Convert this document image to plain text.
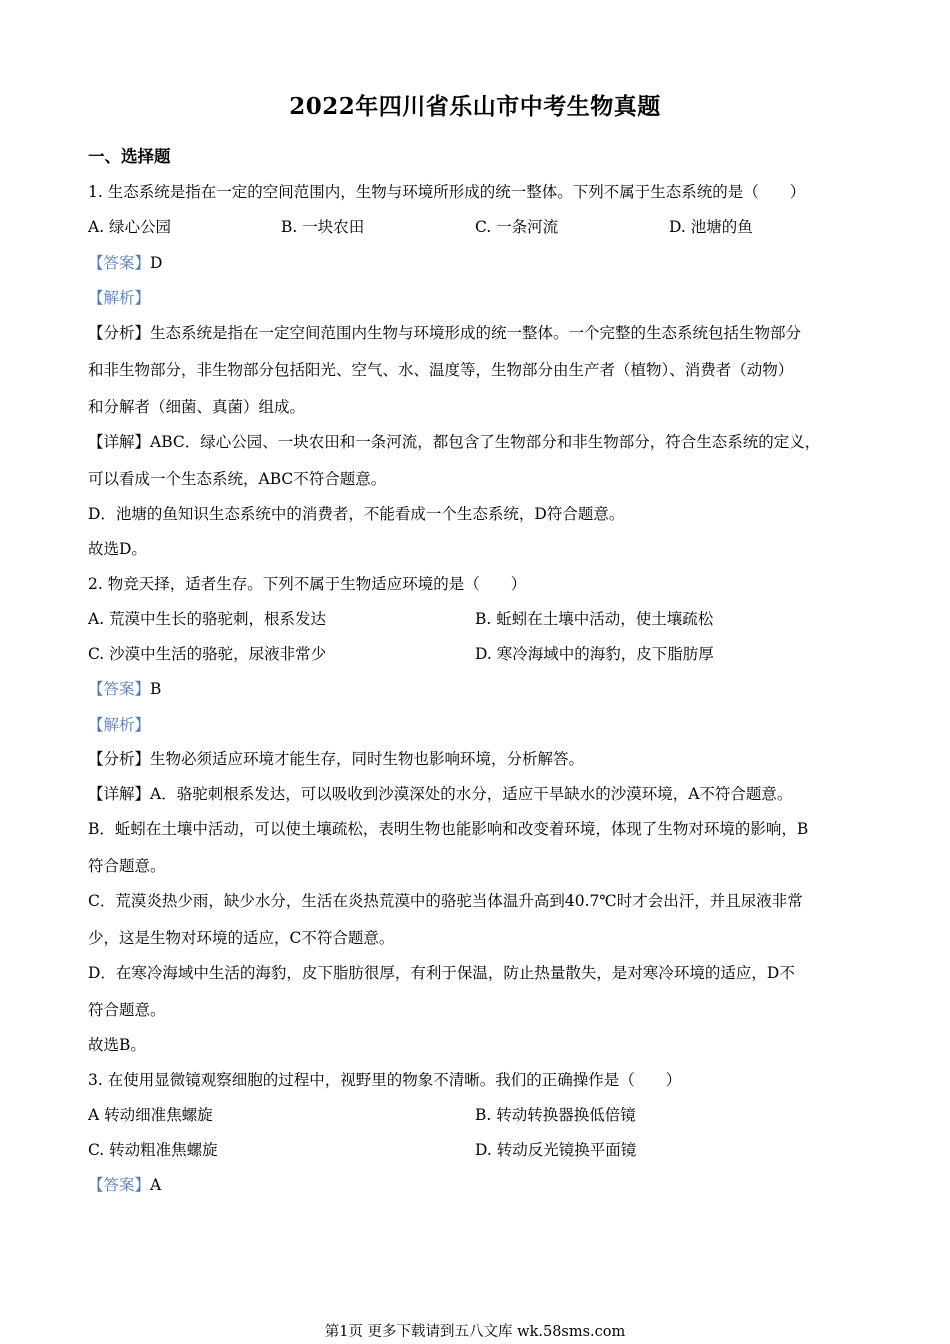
2022年四川省乐山市中考生物真题
一、选择题
1. 生态系统是指在一定的空间范围内，生物与环境所形成的统一整体。下列不属于生态系统的是（　　）
A. 绿心公园	B. 一块农田	C. 一条河流	D. 池塘的鱼
【答案】D
【解析】
【分析】生态系统是指在一定空间范围内生物与环境形成的统一整体。一个完整的生态系统包括生物部分
和非生物部分，非生物部分包括阳光、空气、水、温度等，生物部分由生产者（植物）、消费者（动物）
和分解者（细菌、真菌）组成。
【详解】ABC．绿心公园、一块农田和一条河流，都包含了生物部分和非生物部分，符合生态系统的定义，
可以看成一个生态系统，ABC不符合题意。
D．池塘的鱼知识生态系统中的消费者，不能看成一个生态系统，D符合题意。
故选D。
2. 物竞天择，适者生存。下列不属于生物适应环境的是（　　）
A. 荒漠中生长的骆驼刺，根系发达	B. 蚯蚓在土壤中活动，使土壤疏松
C. 沙漠中生活的骆驼，尿液非常少	D. 寒冷海域中的海豹，皮下脂肪厚
【答案】B
【解析】
【分析】生物必须适应环境才能生存，同时生物也影响环境，分析解答。
【详解】A．骆驼刺根系发达，可以吸收到沙漠深处的水分，适应干旱缺水的沙漠环境，A不符合题意。
B．蚯蚓在土壤中活动，可以使土壤疏松，表明生物也能影响和改变着环境，体现了生物对环境的影响，B
符合题意。
C．荒漠炎热少雨，缺少水分，生活在炎热荒漠中的骆驼当体温升高到40.7℃时才会出汗，并且尿液非常
少，这是生物对环境的适应，C不符合题意。
D．在寒冷海域中生活的海豹，皮下脂肪很厚，有利于保温，防止热量散失，是对寒冷环境的适应，D不
符合题意。
故选B。
3. 在使用显微镜观察细胞的过程中，视野里的物象不清晰。我们的正确操作是（　　）
A 转动细准焦螺旋	B. 转动转换器换低倍镜
C. 转动粗准焦螺旋	D. 转动反光镜换平面镜
【答案】A
第1页 更多下载请到五八文库 wk.58sms.com
